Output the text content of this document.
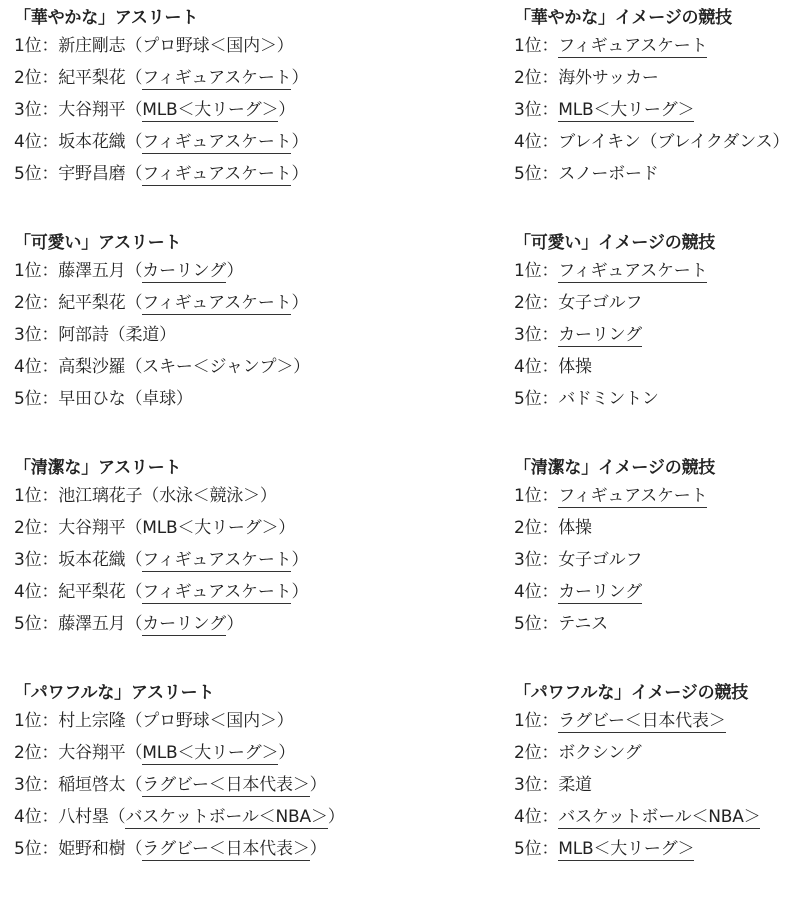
「華やかな」アスリート
1位：新庄剛志（プロ野球＜国内＞）
2位：紀平梨花（フィギュアスケート）
3位：大谷翔平（MLB＜大リーグ＞）
4位：坂本花織（フィギュアスケート）
5位：宇野昌磨（フィギュアスケート）
「可愛い」アスリート
1位：藤澤五月（カーリング）
2位：紀平梨花（フィギュアスケート）
3位：阿部詩（柔道）
4位：高梨沙羅（スキー＜ジャンプ＞）
5位：早田ひな（卓球）
「清潔な」アスリート
1位：池江璃花子（水泳＜競泳＞）
2位：大谷翔平（MLB＜大リーグ＞）
3位：坂本花織（フィギュアスケート）
4位：紀平梨花（フィギュアスケート）
5位：藤澤五月（カーリング）
「パワフルな」アスリート
1位：村上宗隆（プロ野球＜国内＞）
2位：大谷翔平（MLB＜大リーグ＞）
3位：稲垣啓太（ラグビー＜日本代表＞）
4位：八村塁（バスケットボール＜NBA＞）
5位：姫野和樹（ラグビー＜日本代表＞）
「華やかな」イメージの競技
1位：フィギュアスケート
2位：海外サッカー
3位：MLB＜大リーグ＞
4位：ブレイキン（ブレイクダンス）
5位：スノーボード
「可愛い」イメージの競技
1位：フィギュアスケート
2位：女子ゴルフ
3位：カーリング
4位：体操
5位：バドミントン
「清潔な」イメージの競技
1位：フィギュアスケート
2位：体操
3位：女子ゴルフ
4位：カーリング
5位：テニス
「パワフルな」イメージの競技
1位：ラグビー＜日本代表＞
2位：ボクシング
3位：柔道
4位：バスケットボール＜NBA＞
5位：MLB＜大リーグ＞
